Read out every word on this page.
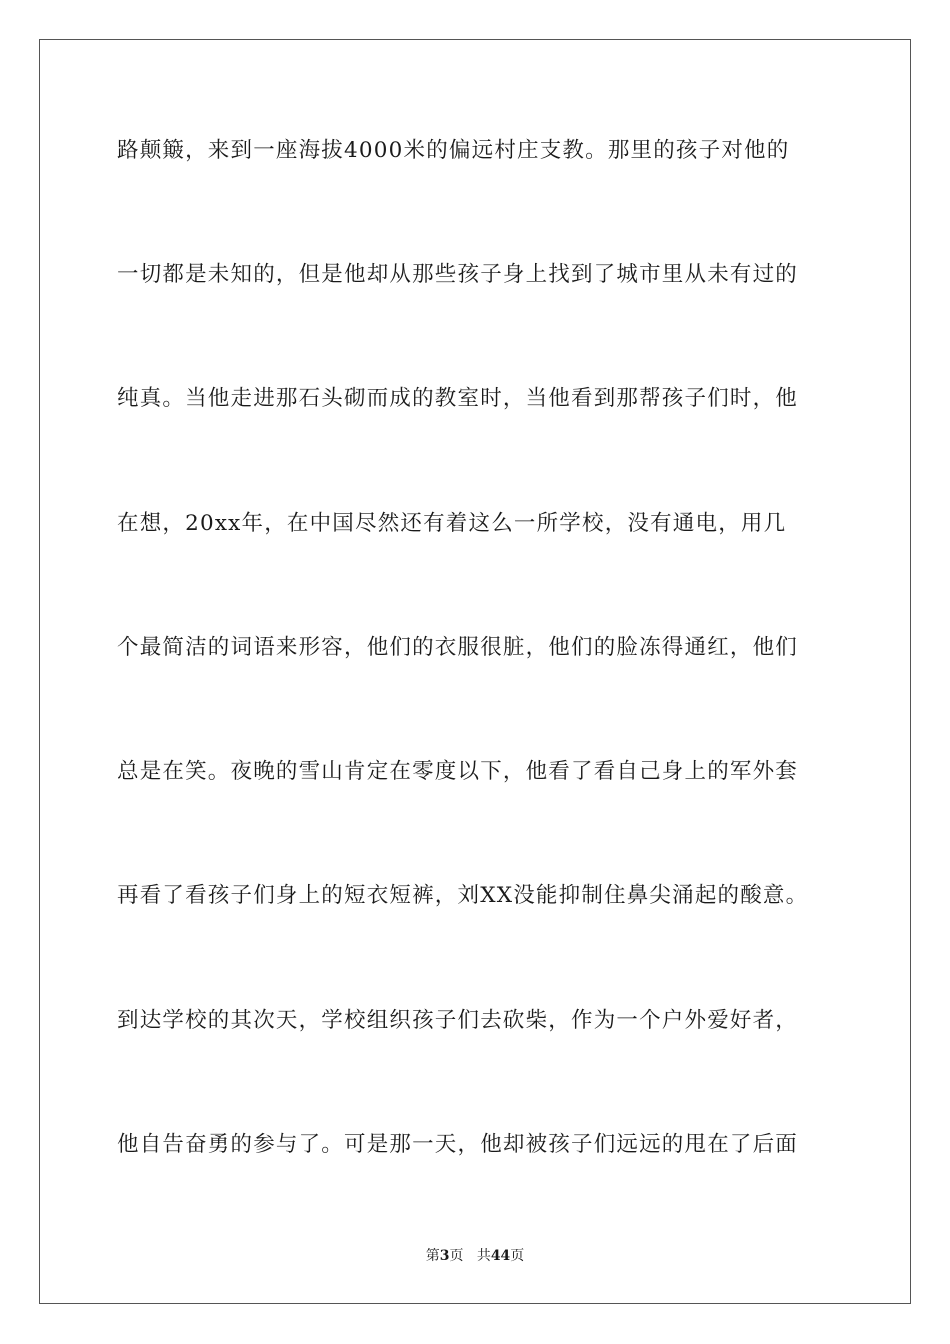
路颠簸，来到一座海拔4000米的偏远村庄支教。那里的孩子对他的

一切都是未知的，但是他却从那些孩子身上找到了城市里从未有过的

纯真。当他走进那石头砌而成的教室时，当他看到那帮孩子们时，他

在想，20xx年，在中国尽然还有着这么一所学校，没有通电，用几

个最简洁的词语来形容，他们的衣服很脏，他们的脸冻得通红，他们

总是在笑。夜晚的雪山肯定在零度以下，他看了看自己身上的军外套

再看了看孩子们身上的短衣短裤，刘XX没能抑制住鼻尖涌起的酸意。

到达学校的其次天，学校组织孩子们去砍柴，作为一个户外爱好者，

他自告奋勇的参与了。可是那一天，他却被孩子们远远的甩在了后面

第3页 共44页
